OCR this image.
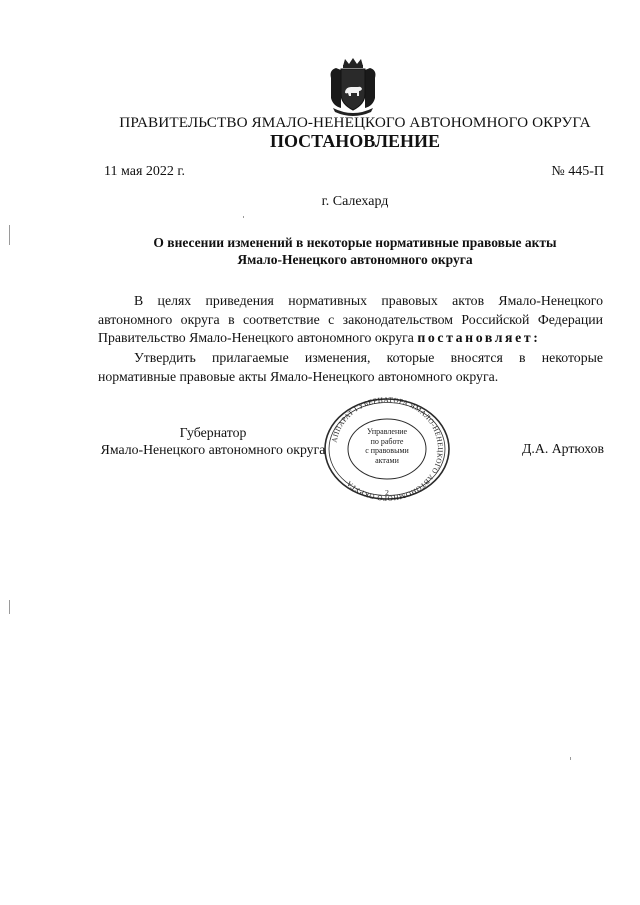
ПРАВИТЕЛЬСТВО ЯМАЛО-НЕНЕЦКОГО АВТОНОМНОГО ОКРУГА
ПОСТАНОВЛЕНИЕ
11 мая 2022 г.	№ 445-П
г. Салехард
О внесении изменений в некоторые нормативные правовые акты
Ямало-Ненецкого автономного округа
В целях приведения нормативных правовых актов Ямало-Ненецкого автономного округа в соответствие с законодательством Российской Федерации Правительство Ямало-Ненецкого автономного округа постановляет:
Утвердить прилагаемые изменения, которые вносятся в некоторые нормативные правовые акты Ямало-Ненецкого автономного округа.
Губернатор
Ямало-Ненецкого автономного округа	Д.А. Артюхов
АППАРАТ ГУБЕРНАТОРА ЯМАЛО-НЕНЕЦКОГО АВТОНОМНОГО ОКРУГА
2
Управление
по работе
с правовыми
актами
